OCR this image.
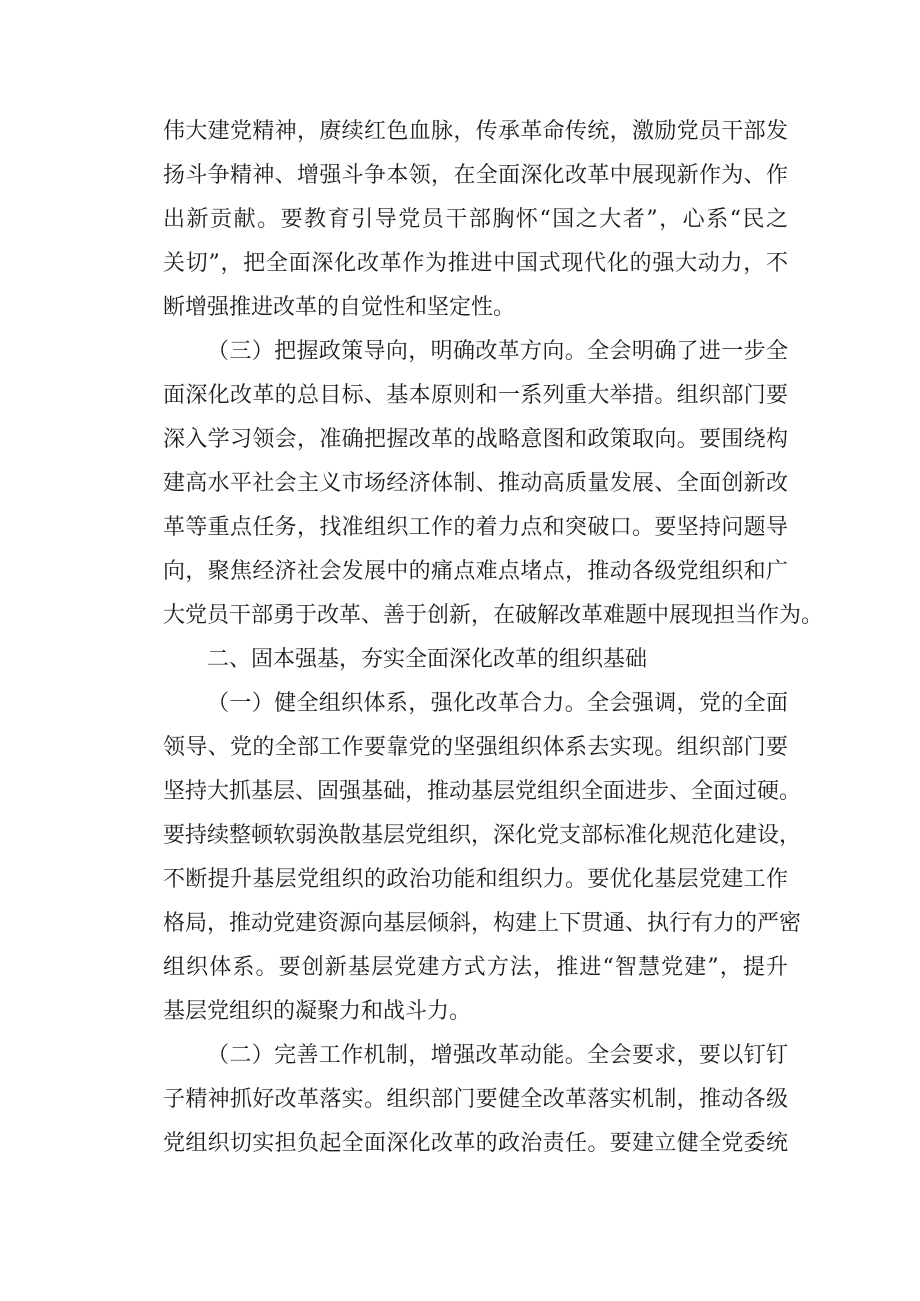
伟大建党精神，赓续红色血脉，传承革命传统，激励党员干部发
扬斗争精神、增强斗争本领，在全面深化改革中展现新作为、作
出新贡献。要教育引导党员干部胸怀“国之大者”，心系“民之
关切”，把全面深化改革作为推进中国式现代化的强大动力，不
断增强推进改革的自觉性和坚定性。
（三）把握政策导向，明确改革方向。全会明确了进一步全
面深化改革的总目标、基本原则和一系列重大举措。组织部门要
深入学习领会，准确把握改革的战略意图和政策取向。要围绕构
建高水平社会主义市场经济体制、推动高质量发展、全面创新改
革等重点任务，找准组织工作的着力点和突破口。要坚持问题导
向，聚焦经济社会发展中的痛点难点堵点，推动各级党组织和广
大党员干部勇于改革、善于创新，在破解改革难题中展现担当作为。
二、固本强基，夯实全面深化改革的组织基础
（一）健全组织体系，强化改革合力。全会强调，党的全面
领导、党的全部工作要靠党的坚强组织体系去实现。组织部门要
坚持大抓基层、固强基础，推动基层党组织全面进步、全面过硬。
要持续整顿软弱涣散基层党组织，深化党支部标准化规范化建设，
不断提升基层党组织的政治功能和组织力。要优化基层党建工作
格局，推动党建资源向基层倾斜，构建上下贯通、执行有力的严密
组织体系。要创新基层党建方式方法，推进“智慧党建”，提升
基层党组织的凝聚力和战斗力。
（二）完善工作机制，增强改革动能。全会要求，要以钉钉
子精神抓好改革落实。组织部门要健全改革落实机制，推动各级
党组织切实担负起全面深化改革的政治责任。要建立健全党委统
